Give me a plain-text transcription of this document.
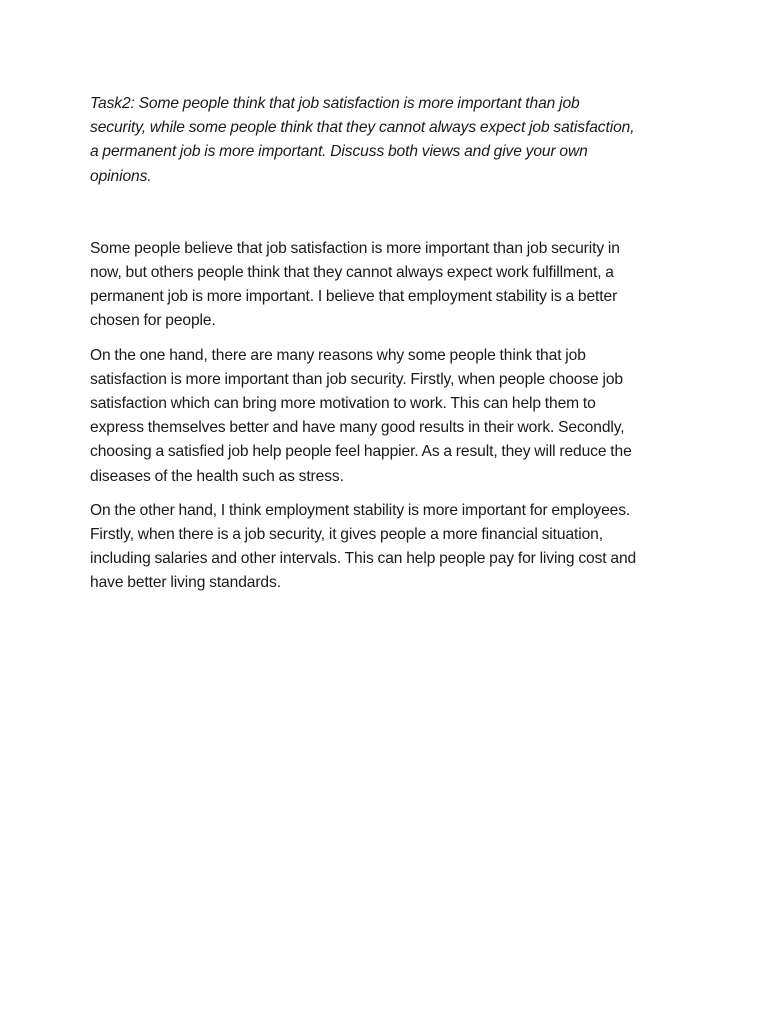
Task2: Some people think that job satisfaction is more important than job
security, while some people think that they cannot always expect job satisfaction,
a permanent job is more important. Discuss both views and give your own
opinions.

Some people believe that job satisfaction is more important than job security in
now, but others people think that they cannot always expect work fulfillment, a
permanent job is more important. I believe that employment stability is a better
chosen for people.

On the one hand, there are many reasons why some people think that job
satisfaction is more important than job security. Firstly, when people choose job
satisfaction which can bring more motivation to work. This can help them to
express themselves better and have many good results in their work. Secondly,
choosing a satisfied job help people feel happier. As a result, they will reduce the
diseases of the health such as stress.

On the other hand, I think employment stability is more important for employees.
Firstly, when there is a job security, it gives people a more financial situation,
including salaries and other intervals. This can help people pay for living cost and
have better living standards.
